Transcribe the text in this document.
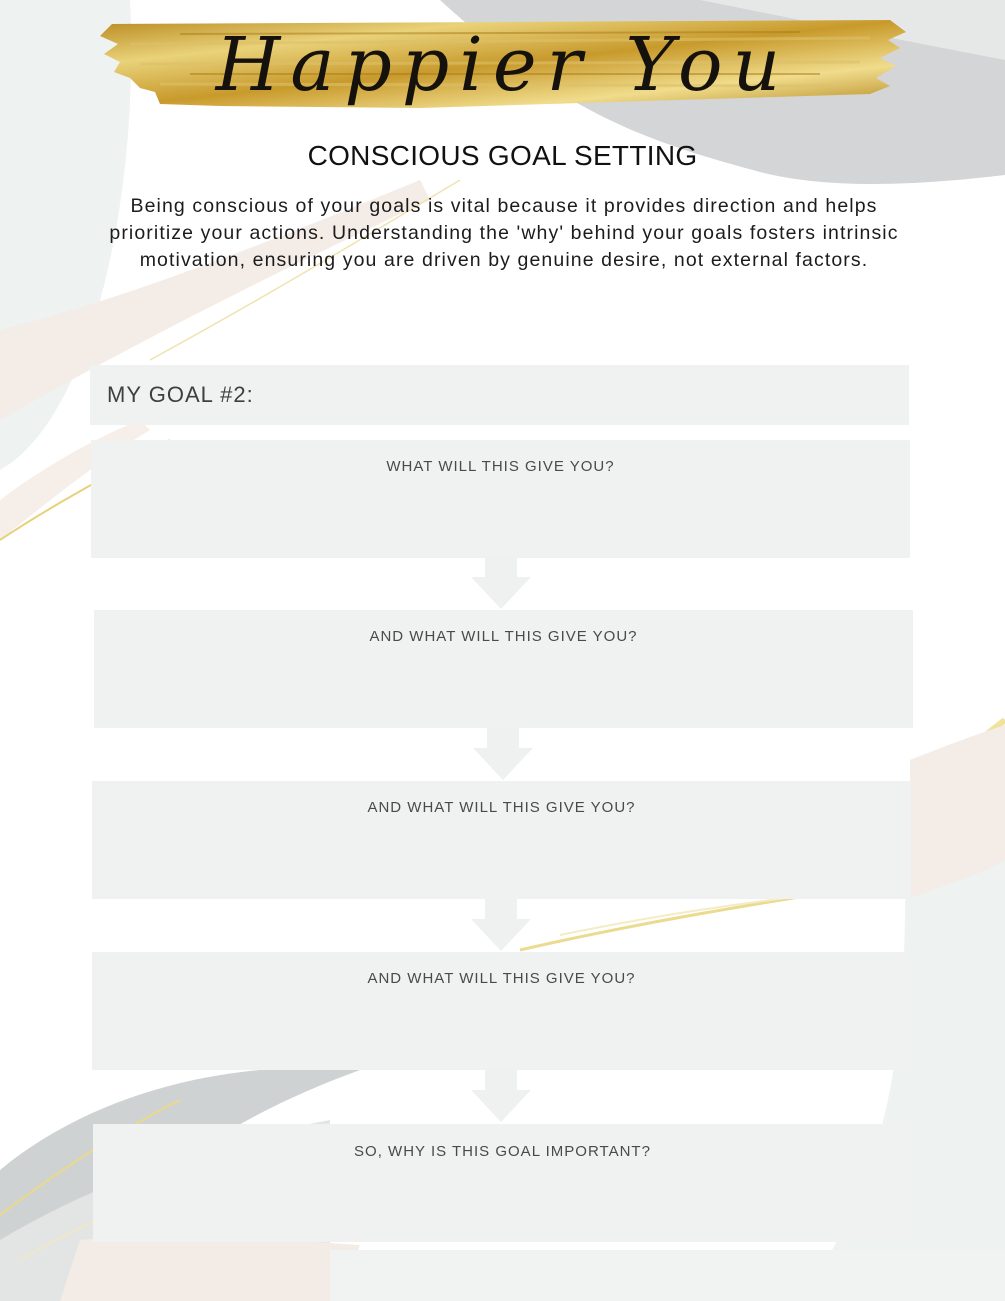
Happier You
CONSCIOUS GOAL SETTING

Being conscious of your goals is vital because it provides direction and helps prioritize your actions. Understanding the 'why' behind your goals fosters intrinsic motivation, ensuring you are driven by genuine desire, not external factors.

MY GOAL #2:
WHAT WILL THIS GIVE YOU?
AND WHAT WILL THIS GIVE YOU?
AND WHAT WILL THIS GIVE YOU?
AND WHAT WILL THIS GIVE YOU?
SO, WHY IS THIS GOAL IMPORTANT?
